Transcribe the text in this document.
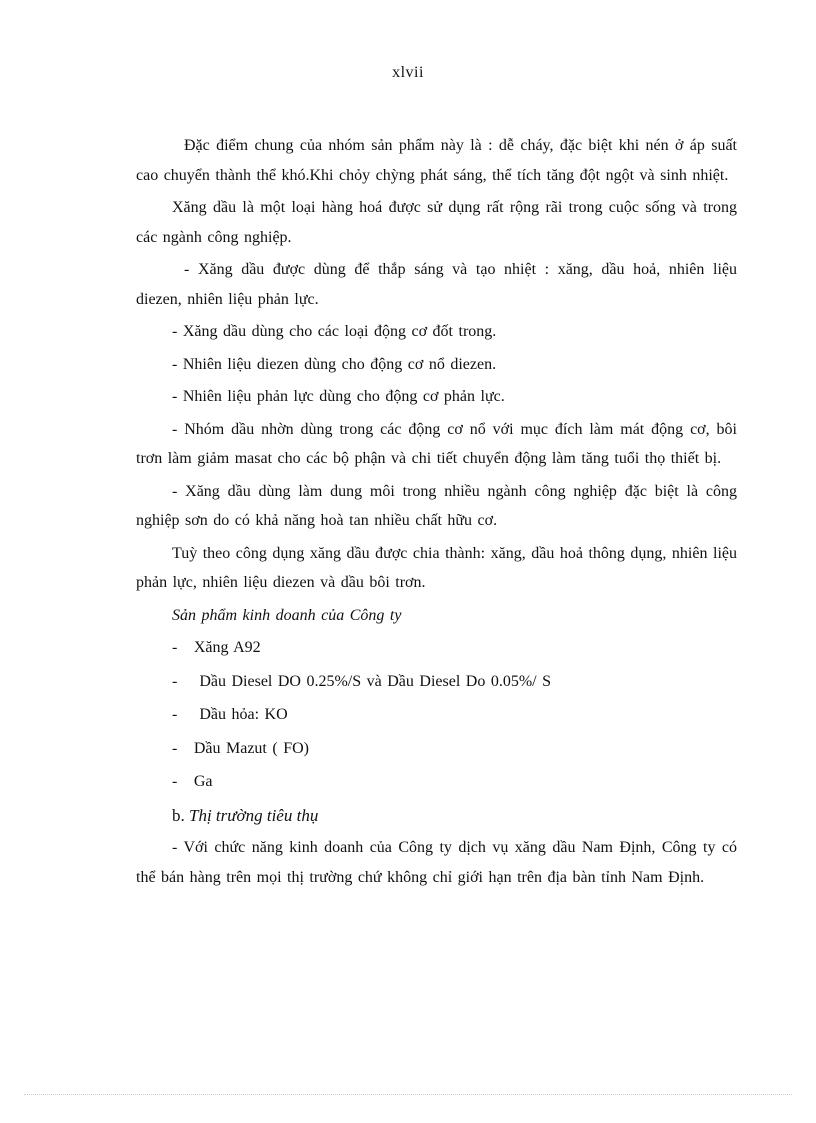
xlvii

Đặc điểm chung của nhóm sản phẩm này là : dễ cháy, đặc biệt khi nén ở áp suất cao chuyển thành thể khó.Khi chỏy chỳng phát sáng, thể tích tăng đột ngột và sinh nhiệt.

Xăng dầu là một loại hàng hoá được sử dụng rất rộng rãi trong cuộc sống và trong các ngành công nghiệp.

- Xăng dầu được dùng để thắp sáng và tạo nhiệt : xăng, dầu hoả, nhiên liệu diezen, nhiên liệu phản lực.

- Xăng dầu dùng cho các loại động cơ đốt trong.

- Nhiên liệu diezen dùng cho động cơ nổ diezen.

- Nhiên liệu phản lực dùng cho động cơ phản lực.

- Nhóm dầu nhờn dùng trong các động cơ nổ với mục đích làm mát động cơ, bôi trơn làm giảm masat cho các bộ phận và chi tiết chuyển động làm tăng tuổi thọ thiết bị.

- Xăng dầu dùng làm dung môi trong nhiều ngành công nghiệp đặc biệt là công nghiệp sơn do có khả năng hoà tan nhiều chất hữu cơ.

Tuỳ theo công dụng xăng dầu được chia thành: xăng, dầu hoả thông dụng, nhiên liệu phản lực, nhiên liệu diezen và dầu bôi trơn.

Sản phẩm kinh doanh của Công ty

-   Xăng A92

-    Dầu Diesel DO 0.25%/S và Dầu Diesel Do 0.05%/ S

-    Dầu hỏa: KO

-   Dầu Mazut ( FO)

-   Ga

b. Thị trường tiêu thụ

- Với chức năng kinh doanh của Công ty dịch vụ xăng dầu Nam Định, Công ty có thể bán hàng trên mọi thị trường chứ không chỉ giới hạn trên địa bàn tỉnh Nam Định.
